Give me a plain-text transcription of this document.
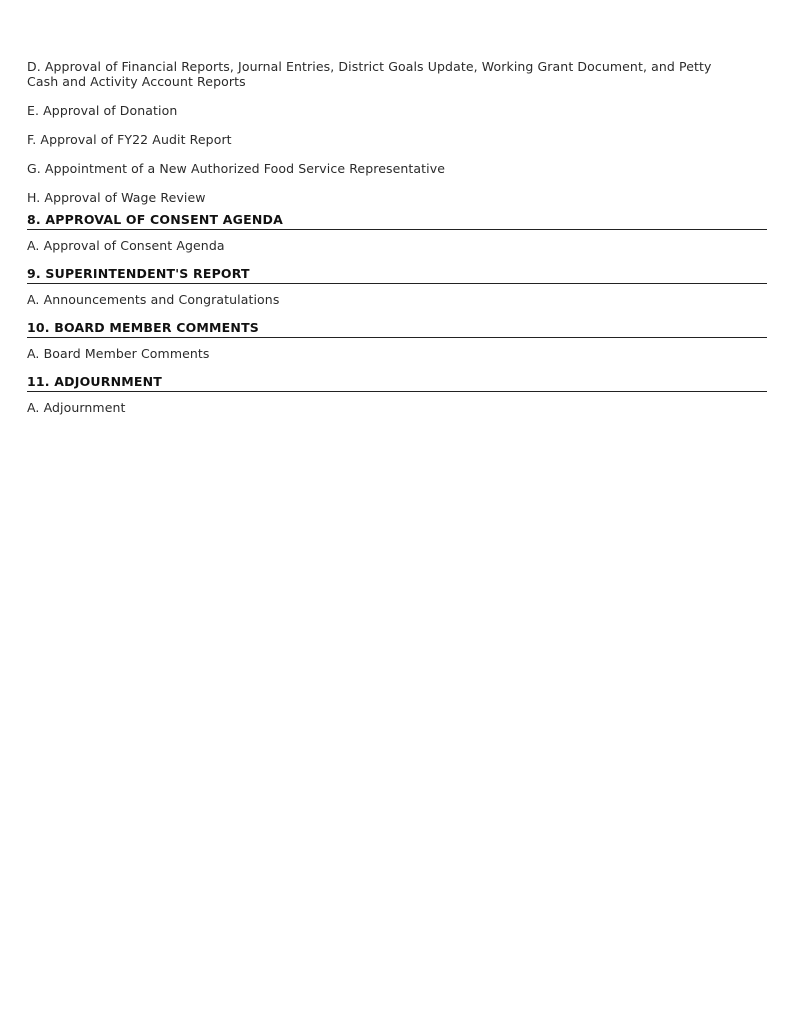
D. Approval of Financial Reports, Journal Entries, District Goals Update, Working Grant Document, and Petty Cash and Activity Account Reports

E. Approval of Donation

F. Approval of FY22 Audit Report

G. Appointment of a New Authorized Food Service Representative

H. Approval of Wage Review

8. APPROVAL OF CONSENT AGENDA

A. Approval of Consent Agenda

9. SUPERINTENDENT'S REPORT

A. Announcements and Congratulations

10. BOARD MEMBER COMMENTS

A. Board Member Comments

11. ADJOURNMENT

A. Adjournment
